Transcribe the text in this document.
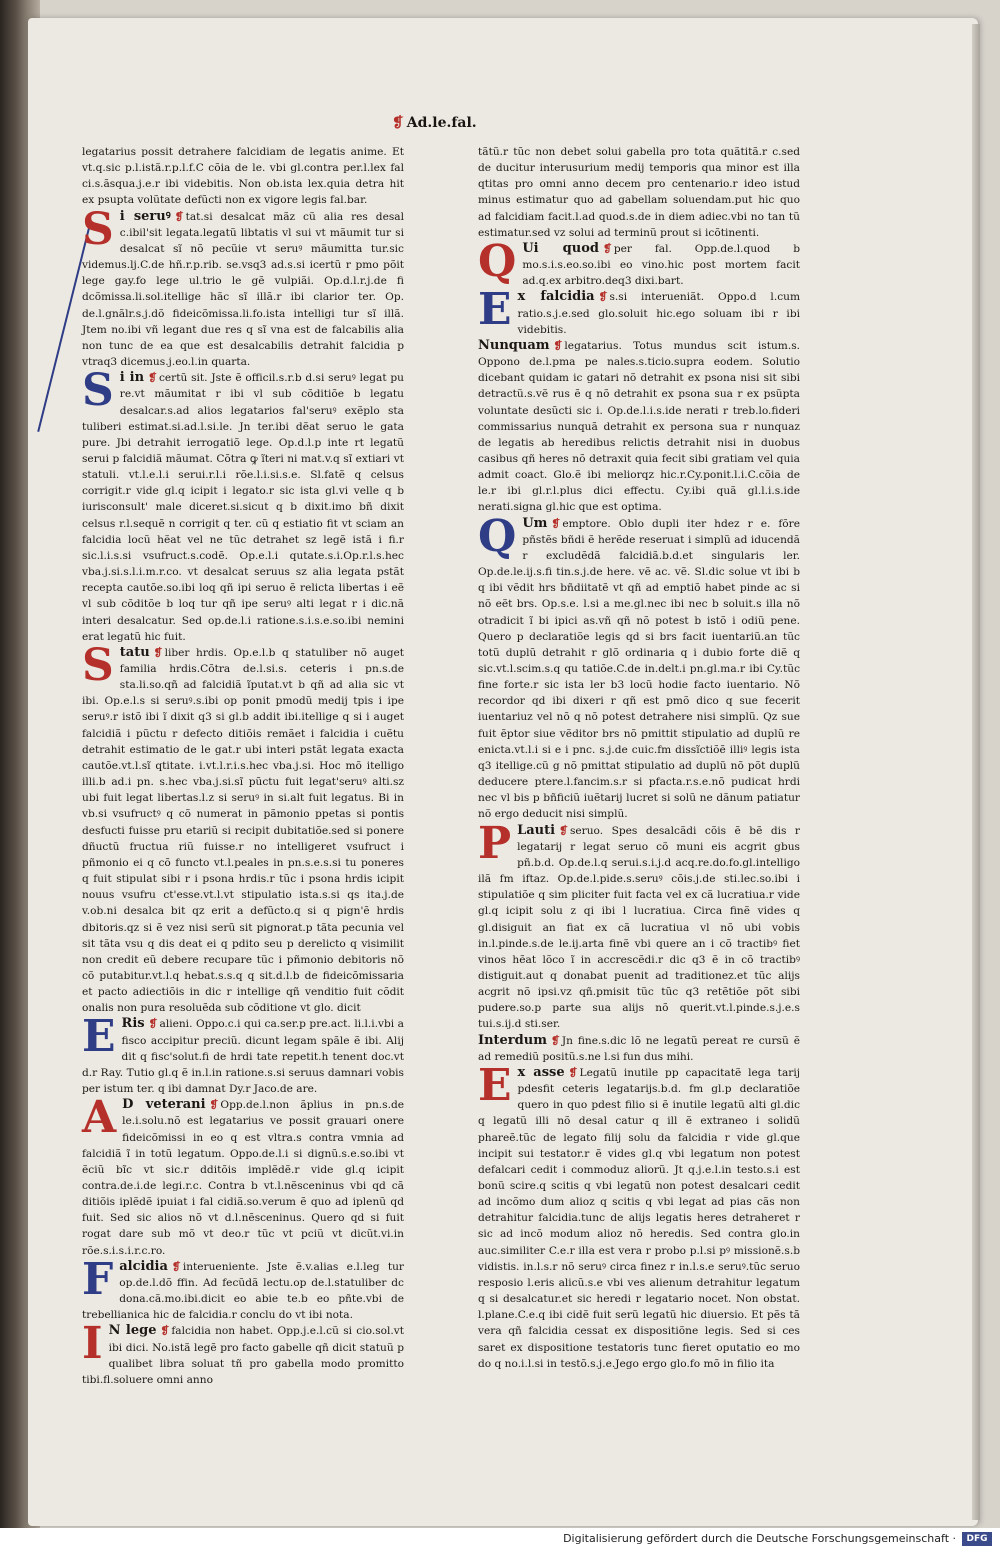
❡ Ad.le.fal.

legatarius possit detrahere falcidiam de legatis anime. Et vt.q.sic p.l.istã.r.p.l.f.C cõia de le. vbi gl.contra per.l.lex fal ci.s.ãsqua.j.e.r ibi videbitis. Non ob.ista lex.quia detra hit ex psupta volũtate defũcti non ex vigore legis fal.bar.

Si seruꝰ ❡ tat.si desalcat mãz cũ alia res desal c.ibil'sit legata.legatũ libtatis vl sui vt mãumit tur si desalcat sĩ nõ pecũie vt seruꝰ mãumitta tur.sic videmus.lj.C.de hñ.r.p.rib. se.vsq3 ad.s.si icertũ r pmo põit lege gay.fo lege ul.trio le gẽ vulpiãi. Op.d.l.r.j.de fi dcõmissa.li.sol.itellige hãc sĩ illã.r ibi clarior ter. Op. de.l.gnãlr.s.j.dõ fideicõmissa.li.fo.ista intelligi tur sĩ illã. Jtem no.ibi vñ legant due res q sĩ vna est de falcabilis alia non tunc de ea que est desalcabilis detrahit falcidia p vtraq3 dicemus.j.eo.l.in quarta.

Si in ❡ certũ sit. Jste ẽ officil.s.r.b d.si seruꝰ legat pu re.vt mãumitat r ibi vl sub cõditiõe b legatu desalcar.s.ad alios legatarios fal'seruꝰ exẽplo sta tuliberi estimat.si.ad.l.si.le. Jn ter.ibi dẽat seruo le gata pure. Jbi detrahit ierrogatiõ lege. Op.d.l.p inte rt legatũ serui p falcidiã mãumat. Cõtra ꝙ ĩteri ni mat.v.q sĩ extiari vt statuli. vt.l.e.l.i serui.r.l.i rõe.l.i.si.s.e. Sl.fatẽ q celsus corrigit.r vide gl.q icipit i legato.r sic ista gl.vi velle q b iurisconsult' male diceret.si.sicut q b dixit.imo bñ dixit celsus r.l.sequẽ n corrigit q ter. cũ q estiatio fit vt sciam an falcidia locũ hẽat vel ne tũc detrahet sz legẽ istã i fi.r sic.l.i.s.si vsufruct.s.codẽ. Op.e.l.i qutate.s.i.Op.r.l.s.hec vba.j.si.s.l.i.m.r.co. vt desalcat seruus sz alia legata pstãt recepta cautõe.so.ibi loq qñ ipi seruo ẽ relicta libertas i eẽ vl sub cõditõe b loq tur qñ ipe seruꝰ alti legat r i dic.nã interi desalcatur. Sed op.de.l.i ratione.s.i.s.e.so.ibi nemini erat legatũ hic fuit.

Statu ❡ liber hrdis. Op.e.l.b q statuliber nõ auget familia hrdis.Cõtra de.l.si.s. ceteris i pn.s.de sta.li.so.qñ ad falcidiã ĩputat.vt b qñ ad alia sic vt ibi. Op.e.l.s si seruꝰ.s.ibi op ponit pmodũ medij tpis i ipe seruꝰ.r istõ ibi ĩ dixit q3 si gl.b addit ibi.itellige q si i auget falcidiã i pũctu r defecto ditiõis remãet i falcidia i cuẽtu detrahit estimatio de le gat.r ubi interi pstãt legata exacta cautõe.vt.l.sĩ qtitate. i.vt.l.r.i.s.hec vba.j.si. Hoc mõ itelligo illi.b ad.i pn. s.hec vba.j.si.sĩ pũctu fuit legat'seruꝰ alti.sz ubi fuit legat libertas.l.z si seruꝰ in si.alt fuit legatus. Bi in vb.si vsufructꝰ q cõ numerat in pãmonio ppetas si pontis desfucti fuisse pru etariũ si recipit dubitatiõe.sed si ponere dñuctũ fructua riũ fuisse.r no intelligeret vsufruct i pñmonio ei q cõ functo vt.l.peales in pn.s.e.s.si tu poneres q fuit stipulat sibi r i psona hrdis.r tũc i psona hrdis icipit nouus vsufru ct'esse.vt.l.vt stipulatio ista.s.si qs ita.j.de v.ob.ni desalca bit qz erit a defũcto.q si q pign'ẽ hrdis dbitoris.qz si ẽ vez nisi serũ sit pignorat.p tãta pecunia vel sit tãta vsu q dis deat ei q pdito seu p derelicto q visimilit non credit eũ debere recupare tũc i pñmonio debitoris nõ cõ putabitur.vt.l.q hebat.s.s.q q sit.d.l.b de fideicõmissaria et pacto adiectiõis in dic r intellige qñ venditio fuit cõdit onalis non pura resoluẽda sub cõditione vt glo. dicit

E Ris ❡ alieni. Oppo.c.i qui ca.ser.p pre.act. li.l.i.vbi a fisco accipitur preciũ. dicunt legam spãle ẽ ibi. Alij dit q fisc'solut.fi de hrdi tate repetit.h tenent doc.vt d.r Ray. Tutio gl.q ẽ in.l.in ratione.s.si seruus damnari vobis per istum ter. q ibi damnat Dy.r Jaco.de are.

A D veterani ❡ Opp.de.l.non ãplius in pn.s.de le.i.solu.nõ est legatarius ve possit grauari onere fideicõmissi in eo q est vltra.s contra vmnia ad falcidiã ĩ in totũ legatum. Oppo.de.l.i si dignũ.s.e.so.ibi vt ẽciũ bĩc vt sic.r dditõis implẽdẽ.r vide gl.q icipit contra.de.i.de legi.r.c. Contra b vt.l.nẽsceninus vbi qd cã ditiõis iplẽdẽ ipuiat i fal cidiã.so.verum ẽ quo ad iplenũ qd fuit. Sed sic alios nõ vt d.l.nẽsceninus. Quero qd si fuit rogat dare sub mõ vt deo.r tũc vt pciũ vt dicũt.vi.in rõe.s.i.s.i.r.c.ro.

Falcidia ❡ interueniente. Jste ẽ.v.alias e.l.leg tur op.de.l.dõ ffin. Ad fecũdã lectu.op de.l.statuliber dc dona.cã.mo.ibi.dicit eo abie te.b eo pñte.vbi de trebellianica hic de falcidia.r conclu do vt ibi nota.

I N lege ❡ falcidia non habet. Opp.j.e.l.cũ si cio.sol.vt ibi dici. No.istã legẽ pro facto gabelle qñ dicit statuũ p qualibet libra soluat tñ pro gabella modo promitto tibi.fl.soluere omni anno

tãtũ.r tũc non debet solui gabella pro tota quãtitã.r c.sed de ducitur interusurium medij temporis qua minor est illa qtitas pro omni anno decem pro centenario.r ideo istud minus estimatur quo ad gabellam soluendam.put hic quo ad falcidiam facit.l.ad quod.s.de in diem adiec.vbi no tan tũ estimatur.sed vz solui ad terminũ prout si icõtinenti.

Q Ui quod ❡ per fal. Opp.de.l.quod b mo.s.i.s.eo.so.ibi eo vino.hic post mortem facit ad.q.ex arbitro.deq3 dixi.bart.

Ex falcidia ❡ s.si interueniãt. Oppo.d l.cum ratio.s.j.e.sed glo.soluit hic.ego soluam ibi r ibi videbitis.

Nunquam ❡ legatarius. Totus mundus scit istum.s. Oppono de.l.pma pe nales.s.ticio.supra eodem. Solutio dicebant quidam ic gatari nõ detrahit ex psona nisi sit sibi detractũ.s.vẽ rus ẽ q nõ detrahit ex psona sua r ex psũpta voluntate desũcti sic i. Op.de.l.i.s.ide nerati r treb.lo.fideri commissarius nunquã detrahit ex persona sua r nunquaz de legatis ab heredibus relictis detrahit nisi in duobus casibus qñ heres nõ detraxit quia fecit sibi gratiam vel quia admit coact. Glo.ẽ ibi meliorqz hic.r.Cy.ponit.l.i.C.cõia de le.r ibi gl.r.l.plus dici effectu. Cy.ibi quã gl.l.i.s.ide nerati.signa gl.hic que est optima.

Q Um ❡ emptore. Oblo dupli iter hdez r e. fõre pñstẽs bñdi ẽ herẽde reseruat i simplũ ad iducendã r excludẽdã falcidiã.b.d.et singularis ler. Op.de.le.ij.s.fi tin.s.j.de here. vẽ ac. vẽ. Sl.dic solue vt ibi b q ibi vẽdit hrs bñdiitatẽ vt qñ ad emptiõ habet pinde ac si nõ eẽt brs. Op.s.e. l.si a me.gl.nec ibi nec b soluit.s illa nõ otradicit ĩ bi ipici as.vñ qñ nõ potest b istõ i odiũ pene. Quero p declaratiõe legis qd si brs facit iuentariũ.an tũc totũ duplũ detrahit r glõ ordinaria q i dubio forte diẽ q sic.vt.l.scim.s.q qu tatiõe.C.de in.delt.i pn.gl.ma.r ibi Cy.tũc fine forte.r sic ista ler b3 locũ hodie facto iuentario. Nõ recordor qd ibi dixeri r qñ est pmõ dico q sue fecerit iuentariuz vel nõ q nõ potest detrahere nisi simplũ. Qz sue fuit ẽptor siue vẽditor brs nõ pmittit stipulatio ad duplũ re enicta.vt.l.i si e i pnc. s.j.de cuic.fm dissĩctiõẽ illiꝰ legis ista q3 itellige.cũ g nõ pmittat stipulatio ad duplũ nõ põt duplũ deducere ptere.l.fancim.s.r si pfacta.r.s.e.nõ pudicat hrdi nec vl bis p bñficiũ iuẽtarij lucret si solũ ne dãnum patiatur nõ ergo deducit nisi simplũ.

P Lauti ❡ seruo. Spes desalcãdi cõis ẽ bẽ dis r legatarij r legat seruo cõ muni eis acgrit gbus pñ.b.d. Op.de.l.q serui.s.i.j.d acq.re.do.fo.gl.intelligo ilã fm iftaz. Op.de.l.pide.s.seruꝰ cõis.j.de sti.lec.so.ibi i stipulatiõe q sim pliciter fuit facta vel ex cã lucratiua.r vide gl.q icipit solu z qi ibi l lucratiua. Circa finẽ vides q gl.disiguit an fiat ex cã lucratiua vl nõ ubi vobis in.l.pinde.s.de le.ij.arta finẽ vbi quere an i cõ tractibꝰ fiet vinos hẽat lõco ĩ in accrescẽdi.r dic q3 ẽ in cõ tractibꝰ distiguit.aut q donabat puenit ad traditionez.et tũc alijs acgrit nõ ipsi.vz qñ.pmisit tũc tũc q3 retẽtiõe põt sibi pudere.so.p parte sua alijs nõ querit.vt.l.pinde.s.j.e.s tui.s.ij.d sti.ser.

Interdum ❡ Jn fine.s.dic lõ ne legatũ pereat re cursũ ẽ ad remediũ positũ.s.ne l.si fun dus mihi.

Ex asse ❡ Legatũ inutile pp capacitatẽ lega tarij pdesfit ceteris legatarijs.b.d. fm gl.p declaratiõe quero in quo pdest filio si ẽ inutile legatũ alti gl.dic q legatũ illi nõ desal catur q ill ẽ extraneo i solidũ phareẽ.tũc de legato filij solu da falcidia r vide gl.que incipit sui testator.r ẽ vides gl.q vbi legatum non potest defalcari cedit i commoduz aliorũ. Jt q.j.e.l.in testo.s.i est bonũ scire.q scitis q vbi legatũ non potest desalcari cedit ad incõmo dum alioz q scitis q vbi legat ad pias cãs non detrahitur falcidia.tunc de alijs legatis heres detraheret r sic ad incõ modum alioz nõ heredis. Sed contra glo.in auc.similiter C.e.r illa est vera r probo p.l.si pꝰ missionẽ.s.b vidistis. in.l.s.r nõ seruꝰ circa finez r in.l.s.e seruꝰ.tũc seruo resposio l.eris alicũ.s.e vbi ves alienum detrahitur legatum q si desalcatur.et sic heredi r legatario nocet. Non obstat. l.plane.C.e.q ibi cidẽ fuit serũ legatũ hic diuersio. Et pẽs tã vera qñ falcidia cessat ex dispositiõne legis. Sed si ces saret ex dispositione testatoris tunc fieret oputatio eo mo do q no.i.l.si in testõ.s.j.e.Jego ergo glo.fo mõ in filio ita

Digitalisierung gefördert durch die Deutsche Forschungsgemeinschaft ·	DFG
